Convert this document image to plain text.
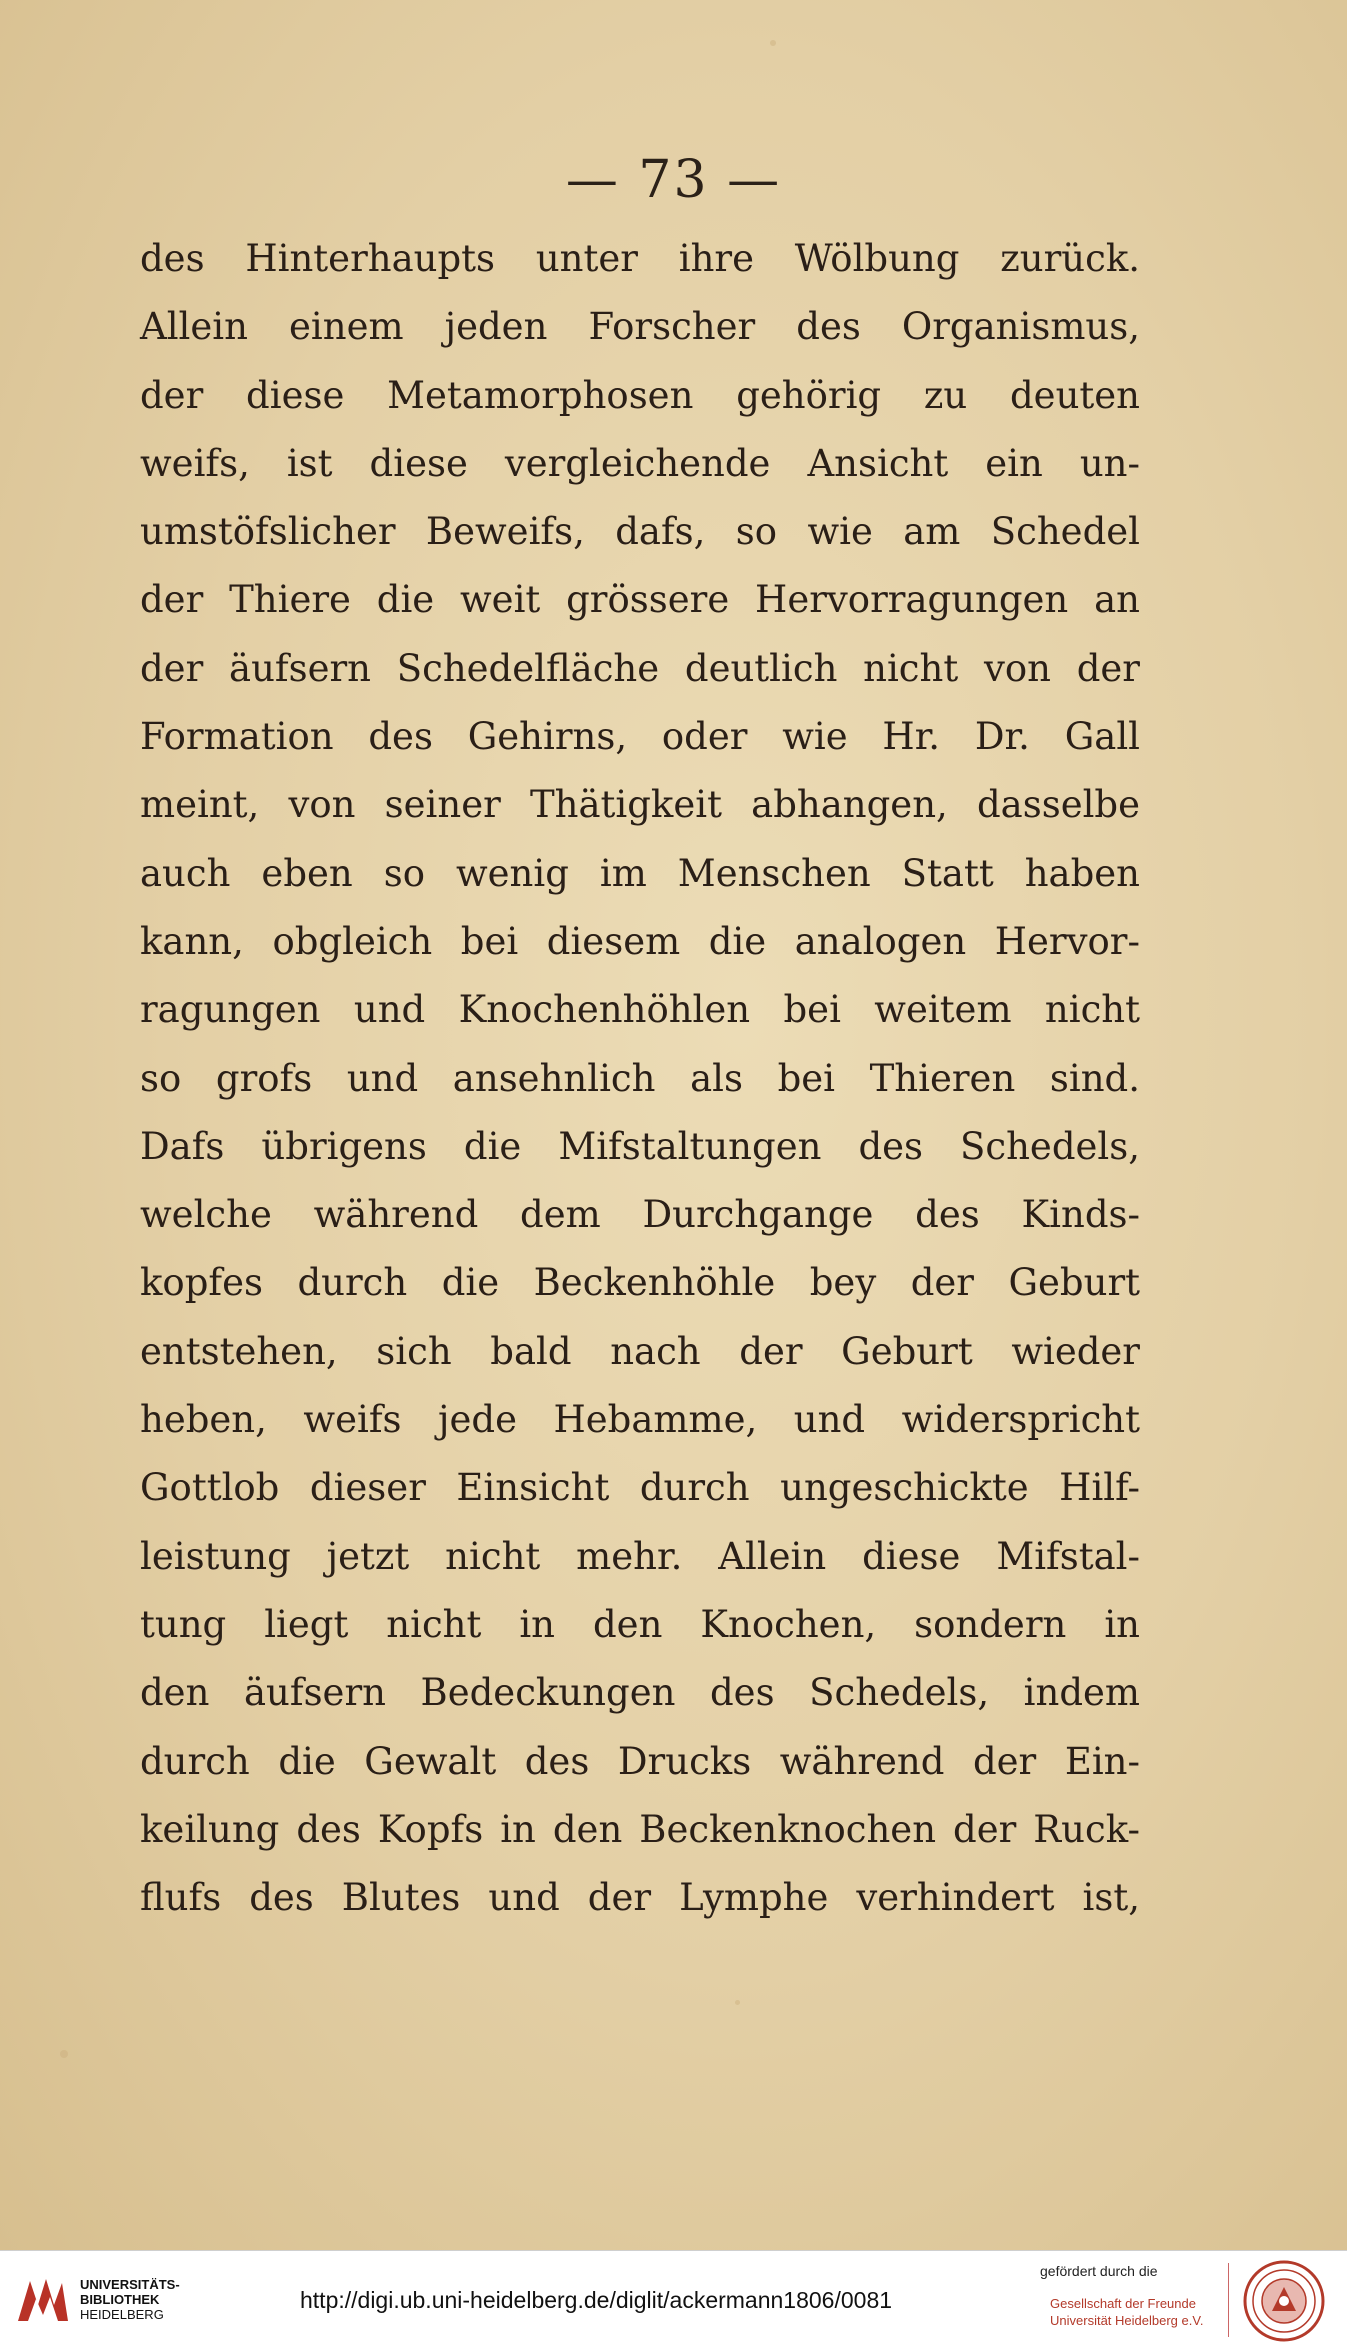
— 73 —
des Hinterhaupts unter ihre Wölbung zurück.
Allein einem jeden Forscher des Organismus,
der diese Metamorphosen gehörig zu deuten
weifs, ist diese vergleichende Ansicht ein un-
umstöfslicher Beweifs, dafs, so wie am Schedel
der Thiere die weit grössere Hervorragungen an
der äufsern Schedelfläche deutlich nicht von der
Formation des Gehirns, oder wie Hr. Dr. Gall
meint, von seiner Thätigkeit abhangen, dasselbe
auch eben so wenig im Menschen Statt haben
kann, obgleich bei diesem die analogen Hervor-
ragungen und Knochenhöhlen bei weitem nicht
so grofs und ansehnlich als bei Thieren sind.
Dafs übrigens die Mifstaltungen des Schedels,
welche während dem Durchgange des Kinds-
kopfes durch die Beckenhöhle bey der Geburt
entstehen, sich bald nach der Geburt wieder
heben, weifs jede Hebamme, und widerspricht
Gottlob dieser Einsicht durch ungeschickte Hilf-
leistung jetzt nicht mehr. Allein diese Mifstal-
tung liegt nicht in den Knochen, sondern in
den äufsern Bedeckungen des Schedels, indem
durch die Gewalt des Drucks während der Ein-
keilung des Kopfs in den Beckenknochen der Ruck-
flufs des Blutes und der Lymphe verhindert ist,
UNIVERSITÄTS-
BIBLIOTHEK
HEIDELBERG
http://digi.ub.uni-heidelberg.de/diglit/ackermann1806/0081
gefördert durch die
Gesellschaft der Freunde
Universität Heidelberg e.V.
